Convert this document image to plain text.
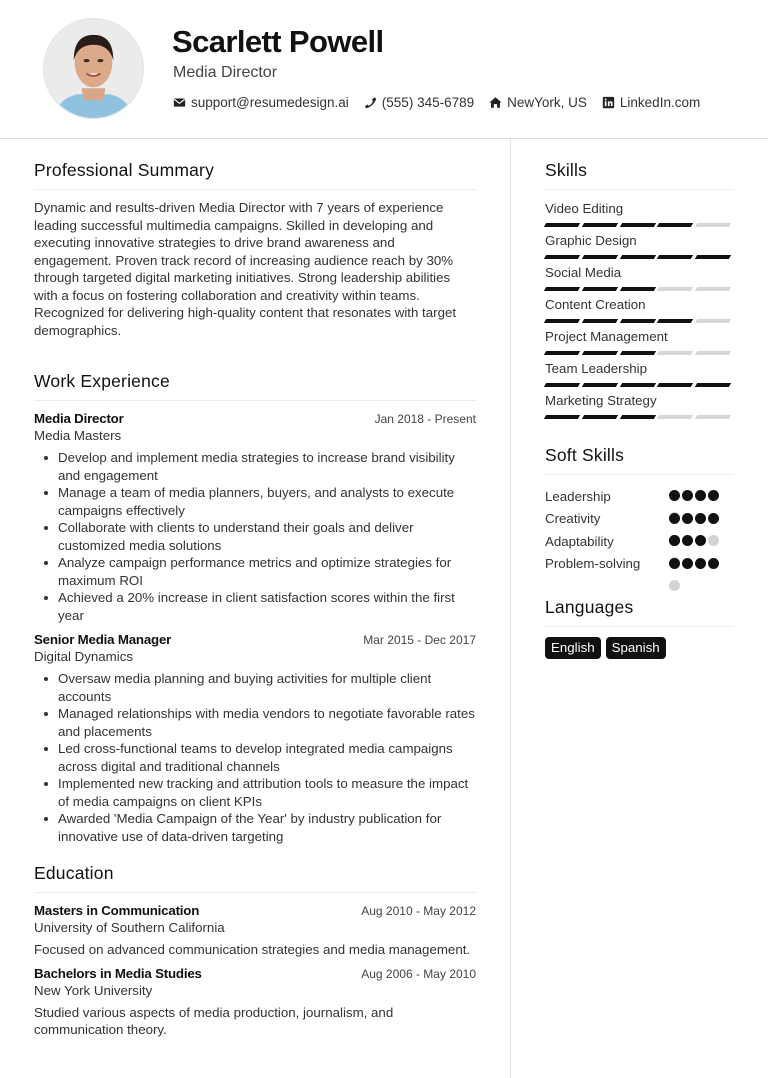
Scarlett Powell
Media Director
support@resumedesign.ai (555) 345-6789 NewYork, US LinkedIn.com
Professional Summary

Dynamic and results-driven Media Director with 7 years of experience leading successful multimedia campaigns. Skilled in developing and executing innovative strategies to drive brand awareness and engagement. Proven track record of increasing audience reach by 30% through targeted digital marketing initiatives. Strong leadership abilities with a focus on fostering collaboration and creativity within teams. Recognized for delivering high-quality content that resonates with target demographics.

Work Experience
Media Director	Jan 2018 - Present
Media Masters
Develop and implement media strategies to increase brand visibility and engagement
Manage a team of media planners, buyers, and analysts to execute campaigns effectively
Collaborate with clients to understand their goals and deliver customized media solutions
Analyze campaign performance metrics and optimize strategies for maximum ROI
Achieved a 20% increase in client satisfaction scores within the first year
Senior Media Manager	Mar 2015 - Dec 2017
Digital Dynamics
Oversaw media planning and buying activities for multiple client accounts
Managed relationships with media vendors to negotiate favorable rates and placements
Led cross-functional teams to develop integrated media campaigns across digital and traditional channels
Implemented new tracking and attribution tools to measure the impact of media campaigns on client KPIs
Awarded 'Media Campaign of the Year' by industry publication for innovative use of data-driven targeting
Education
Masters in Communication	Aug 2010 - May 2012
University of Southern California
Focused on advanced communication strategies and media management.
Bachelors in Media Studies	Aug 2006 - May 2010
New York University
Studied various aspects of media production, journalism, and communication theory.
Skills
Video Editing
Graphic Design
Social Media
Content Creation
Project Management
Team Leadership
Marketing Strategy
Soft Skills
Leadership
Creativity
Adaptability
Problem-solving
Languages
English	Spanish
